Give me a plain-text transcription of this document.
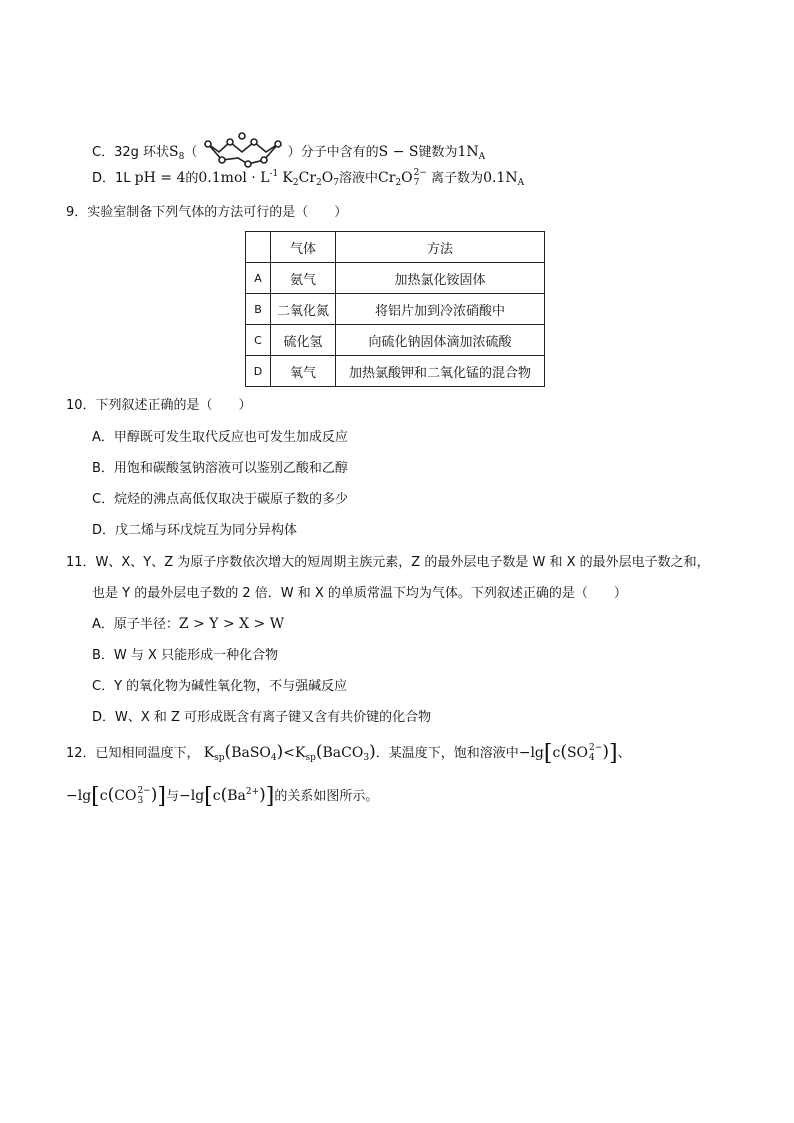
C．32g 环状$S_8$（	）分子中含有的S − S键数为$1N_A$
D．1L pH = 4的$0.1mol \cdot L^{-1}$ $K_2Cr_2O_7$溶液中$Cr_2O$ 2−
7 离子数为$0.1N_A$
9．实验室制备下列气体的方法可行的是（　　）
	气体	方法
A	氨气	加热氯化铵固体
B	二氧化氮	将铝片加到冷浓硝酸中
C	硫化氢	向硫化钠固体滴加浓硫酸
D	氧气	加热氯酸钾和二氧化锰的混合物
10．下列叙述正确的是（　　）
A．甲醇既可发生取代反应也可发生加成反应
B．用饱和碳酸氢钠溶液可以鉴别乙酸和乙醇
C．烷烃的沸点高低仅取决于碳原子数的多少
D．戊二烯与环戊烷互为同分异构体
11．W、X、Y、Z 为原子序数依次增大的短周期主族元素，Z 的最外层电子数是 W 和 X 的最外层电子数之和，
也是 Y 的最外层电子数的 2 倍．W 和 X 的单质常温下均为气体。下列叙述正确的是（　　）
A．原子半径：Z > Y > X > W
B．W 与 X 只能形成一种化合物
C．Y 的氧化物为碱性氧化物，不与强碱反应
D．W、X 和 Z 可形成既含有离子键又含有共价键的化合物
12．已知相同温度下， $K_{sp}(BaSO_4)<K_{sp}(BaCO_3)$．某温度下，饱和溶液中−lg[c(SO 2−
4 )]、
−lg[c(CO 2−
3 )]与$-\lg[c(Ba^{2+})]$的关系如图所示。
